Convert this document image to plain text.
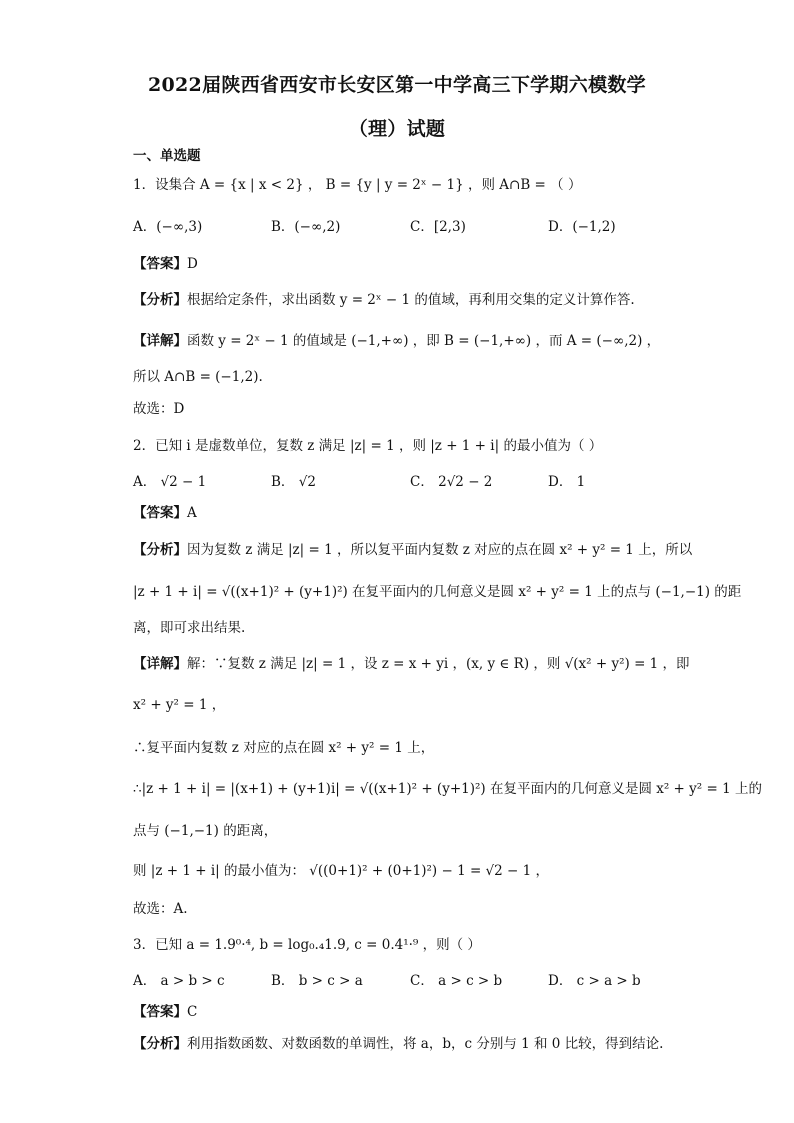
2022届陕西省西安市长安区第一中学高三下学期六模数学
（理）试题
一、单选题
1．设集合 A = {x | x < 2} ， B = {y | y = 2ˣ − 1} ，则 A∩B = （ ）
A．(−∞,3)	B．(−∞,2)	C．[2,3)	D．(−1,2)
【答案】D
【分析】根据给定条件，求出函数 y = 2ˣ − 1 的值域，再利用交集的定义计算作答.
【详解】函数 y = 2ˣ − 1 的值域是 (−1,+∞) ，即 B = (−1,+∞) ，而 A = (−∞,2) ，
所以 A∩B = (−1,2).
故选：D
2．已知 i 是虚数单位，复数 z 满足 |z| = 1 ，则 |z + 1 + i| 的最小值为（ ）
A． √2 − 1	B． √2	C． 2√2 − 2	D． 1
【答案】A
【分析】因为复数 z 满足 |z| = 1 ，所以复平面内复数 z 对应的点在圆 x² + y² = 1 上，所以
|z + 1 + i| = √((x+1)² + (y+1)²) 在复平面内的几何意义是圆 x² + y² = 1 上的点与 (−1,−1) 的距
离，即可求出结果.
【详解】解：∵复数 z 满足 |z| = 1 ，设 z = x + yi ，(x, y ∈ R) ，则 √(x² + y²) = 1 ，即
x² + y² = 1 ，
∴复平面内复数 z 对应的点在圆 x² + y² = 1 上，
∴|z + 1 + i| = |(x+1) + (y+1)i| = √((x+1)² + (y+1)²) 在复平面内的几何意义是圆 x² + y² = 1 上的
点与 (−1,−1) 的距离，
则 |z + 1 + i| 的最小值为： √((0+1)² + (0+1)²) − 1 = √2 − 1 ，
故选：A.
3．已知 a = 1.9⁰·⁴, b = log₀.₄1.9, c = 0.4¹·⁹ ，则（ ）
A． a > b > c	B． b > c > a	C． a > c > b	D． c > a > b
【答案】C
【分析】利用指数函数、对数函数的单调性，将 a，b，c 分别与 1 和 0 比较，得到结论.
